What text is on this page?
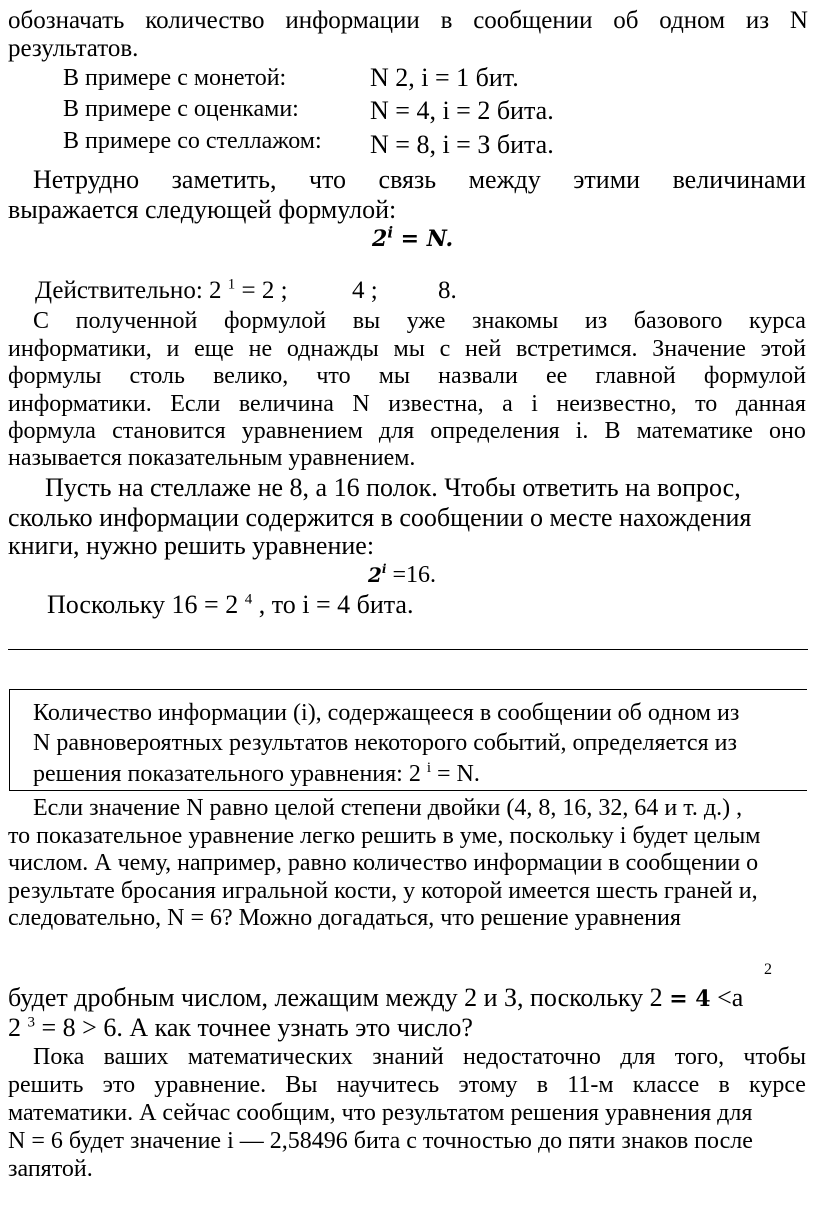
обозначать количество информации в сообщении об одном из N
результатов.
В примере с монетой:	N 2, i = 1 бит.
В примере с оценками:	N = 4, i = 2 бита.
В примере со стеллажом: N = 8, i = З бита.
Нетрудно заметить, что связь между этими величинами
выражается следующей формулой:
$2^i = N$.
Действительно: 2 $^1$ = 2 ;	4 ; 8.
С полученной формулой вы уже знакомы из базового курса
информатики, и еще не однажды мы с ней встретимся. Значение этой
формулы столь велико, что мы назвали ее главной формулой
информатики. Если величина N известна, а i неизвестно, то данная
формула становится уравнением для определения i. В математике оно
называется показательным уравнением.
Пусть на стеллаже не 8, а 16 полок. Чтобы ответить на вопрос,
сколько информации содержится в сообщении о месте нахождения
книги, нужно решить уравнение:
$2^i =16$.
Поскольку 16 = 2 $^4$ , то i = 4 бита.
Количество информации (i), содержащееся в сообщении об одном из
N равновероятных результатов некоторого событий, определяется из
решения показательного уравнения: 2 $^i$ = N.
Если значение N равно целой степени двойки (4, 8, 16, 32, 64 и т. д.) ,
то показательное уравнение легко решить в уме, поскольку i будет целым
числом. А чему, например, равно количество информации в сообщении о
результате бросания игральной кости, у которой имеется шесть граней и,
следовательно, N = 6? Можно догадаться, что решение уравнения
2
будет дробным числом, лежащим между 2 и З, поскольку 2 = 4 <а
2 $^3$ = 8 > 6. А как точнее узнать это число?
Пока ваших математических знаний недостаточно для того, чтобы
решить это уравнение. Вы научитесь этому в 11-м классе в курсе
математики. А сейчас сообщим, что результатом решения уравнения для
N = 6 будет значение i — 2,58496 бита с точностью до пяти знаков после
запятой.
